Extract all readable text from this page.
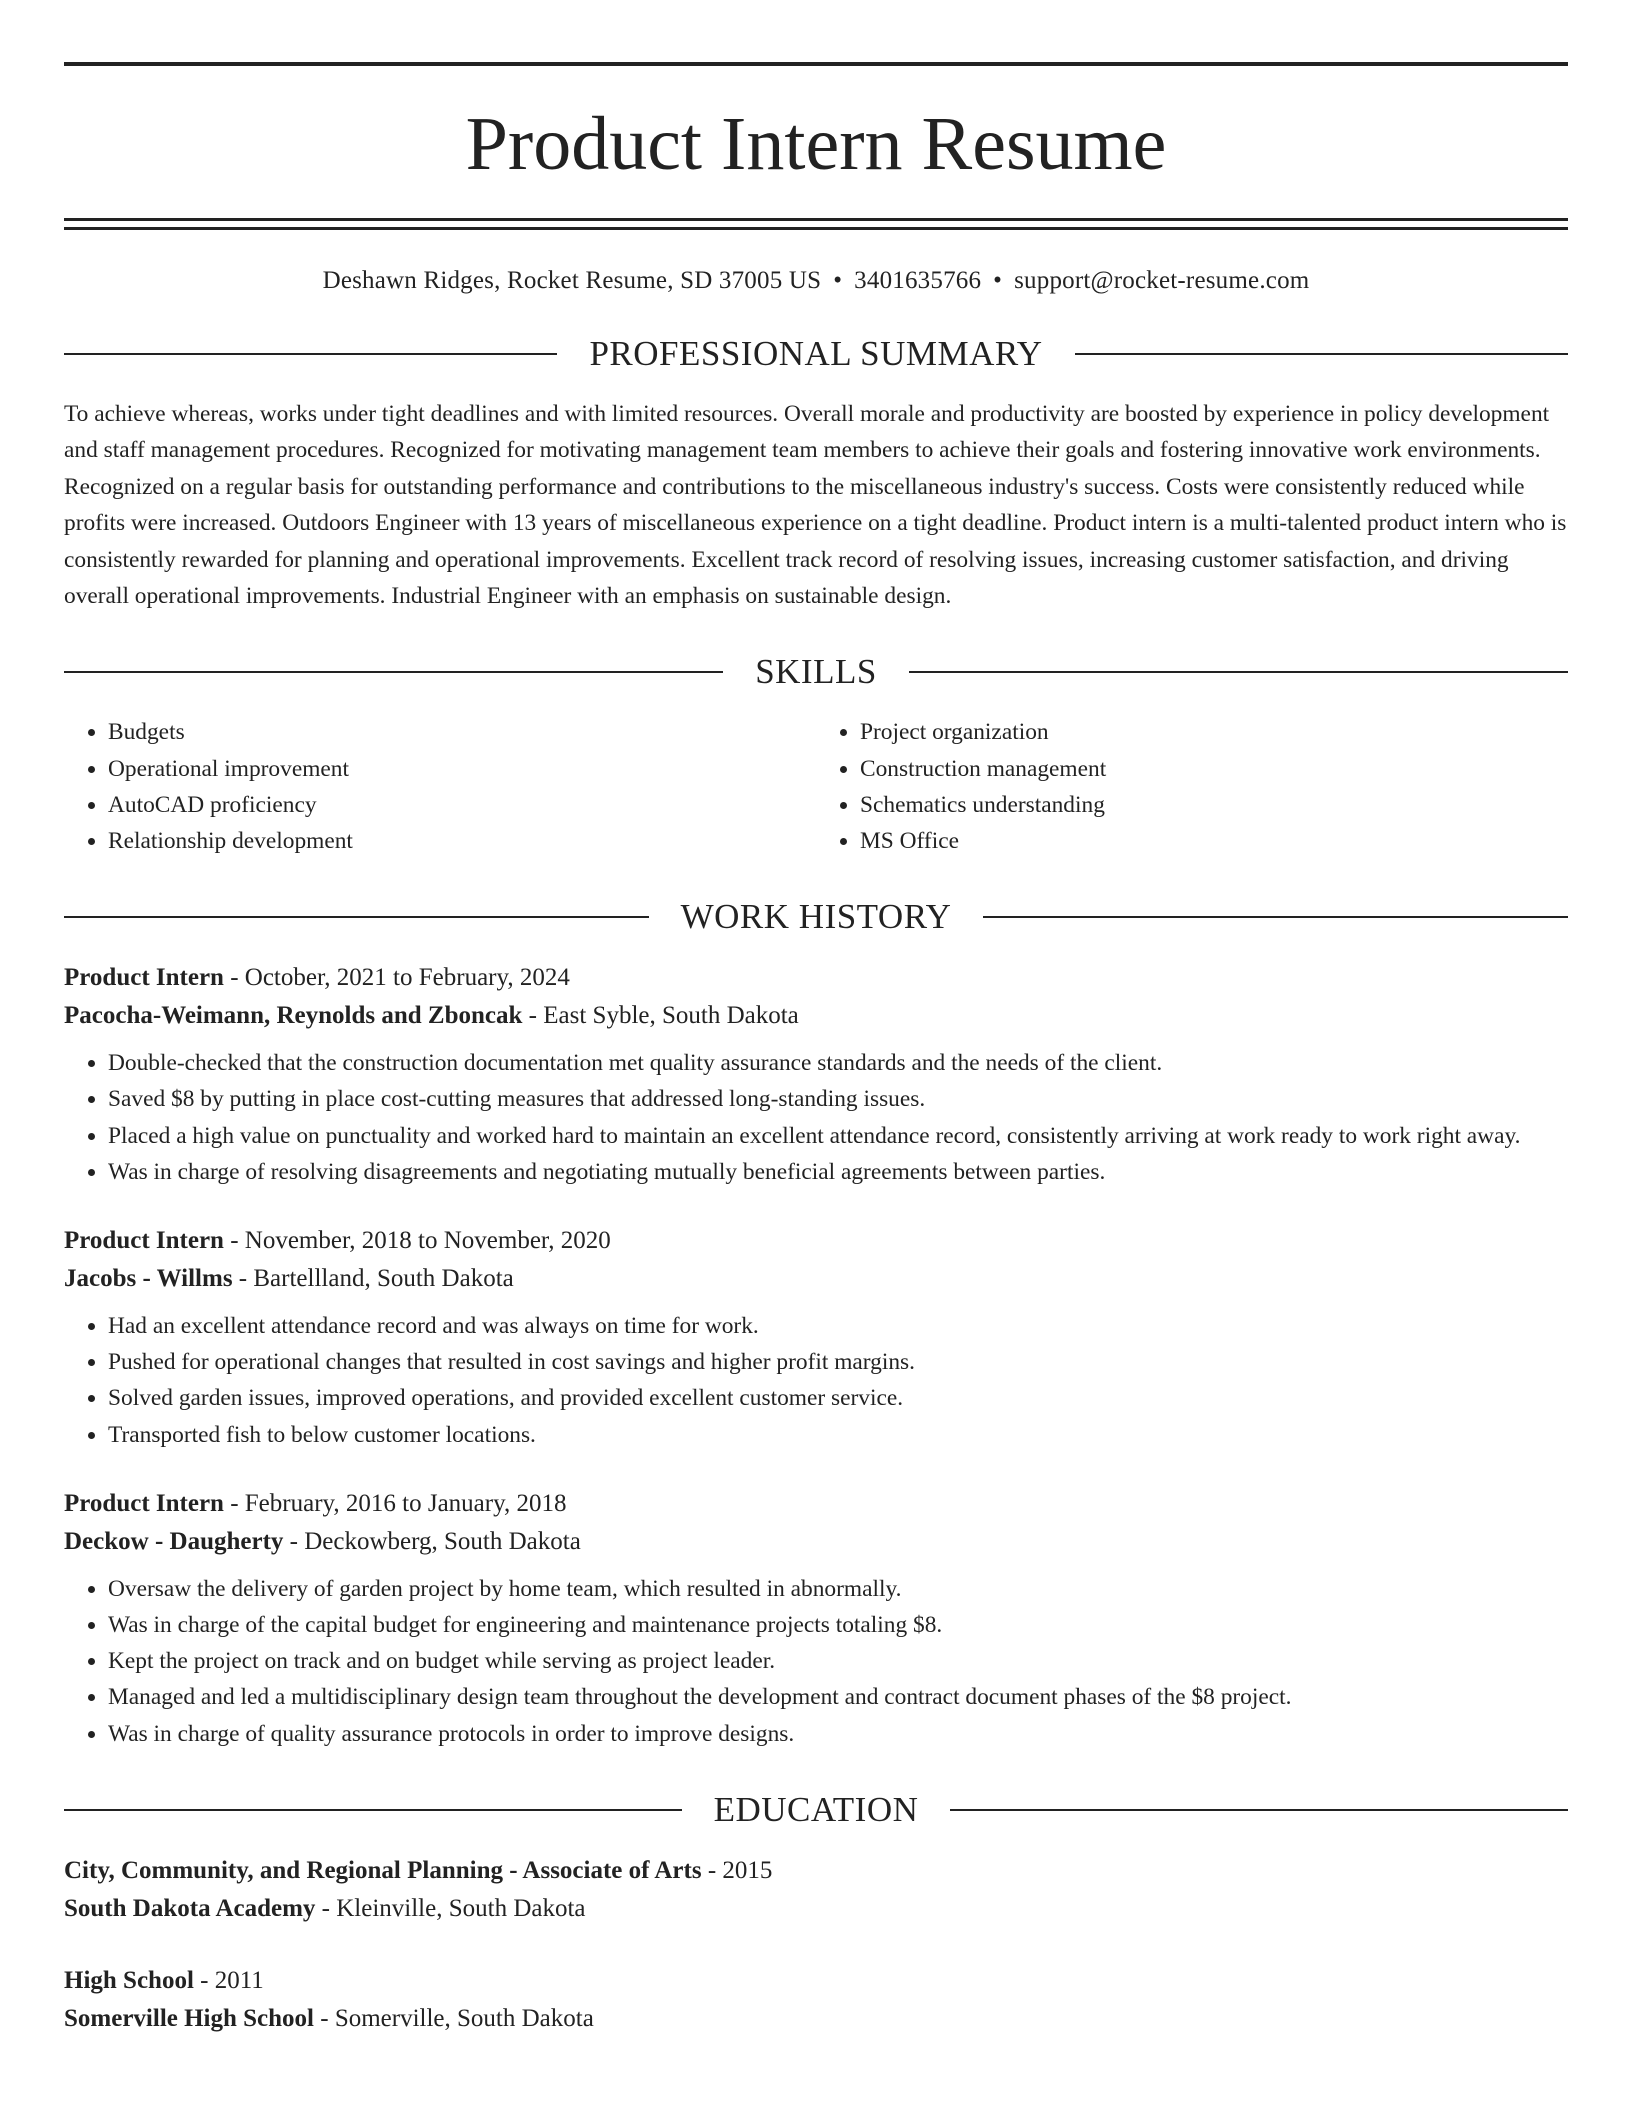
Product Intern Resume
Deshawn Ridges, Rocket Resume, SD 37005 US • 3401635766 • support@rocket-resume.com
PROFESSIONAL SUMMARY

To achieve whereas, works under tight deadlines and with limited resources. Overall morale and productivity are boosted by experience in policy development and staff management procedures. Recognized for motivating management team members to achieve their goals and fostering innovative work environments. Recognized on a regular basis for outstanding performance and contributions to the miscellaneous industry's success. Costs were consistently reduced while profits were increased. Outdoors Engineer with 13 years of miscellaneous experience on a tight deadline. Product intern is a multi-talented product intern who is consistently rewarded for planning and operational improvements. Excellent track record of resolving issues, increasing customer satisfaction, and driving overall operational improvements. Industrial Engineer with an emphasis on sustainable design.

SKILLS
• Budgets
• Operational improvement
• AutoCAD proficiency
• Relationship development
• Project organization
• Construction management
• Schematics understanding
• MS Office
WORK HISTORY
Product Intern - October, 2021 to February, 2024
Pacocha-Weimann, Reynolds and Zboncak - East Syble, South Dakota
• Double-checked that the construction documentation met quality assurance standards and the needs of the client.
• Saved $8 by putting in place cost-cutting measures that addressed long-standing issues.
• Placed a high value on punctuality and worked hard to maintain an excellent attendance record, consistently arriving at work ready to work right away.
• Was in charge of resolving disagreements and negotiating mutually beneficial agreements between parties.
Product Intern - November, 2018 to November, 2020
Jacobs - Willms - Bartellland, South Dakota
• Had an excellent attendance record and was always on time for work.
• Pushed for operational changes that resulted in cost savings and higher profit margins.
• Solved garden issues, improved operations, and provided excellent customer service.
• Transported fish to below customer locations.
Product Intern - February, 2016 to January, 2018
Deckow - Daugherty - Deckowberg, South Dakota
• Oversaw the delivery of garden project by home team, which resulted in abnormally.
• Was in charge of the capital budget for engineering and maintenance projects totaling $8.
• Kept the project on track and on budget while serving as project leader.
• Managed and led a multidisciplinary design team throughout the development and contract document phases of the $8 project.
• Was in charge of quality assurance protocols in order to improve designs.
EDUCATION
City, Community, and Regional Planning - Associate of Arts - 2015
South Dakota Academy - Kleinville, South Dakota
High School - 2011
Somerville High School - Somerville, South Dakota
